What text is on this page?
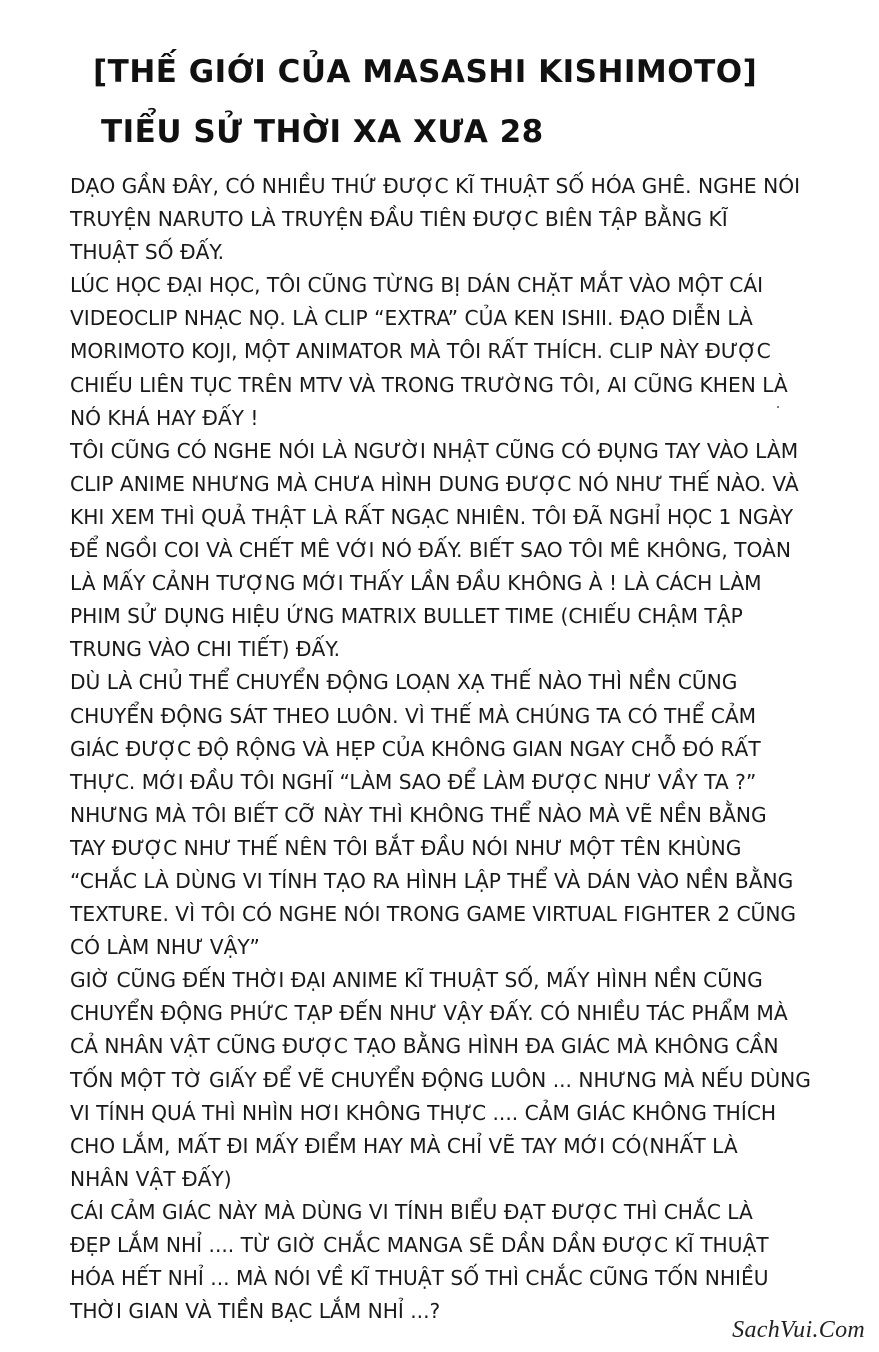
[THẾ GIỚI CỦA MASASHI KISHIMOTO]
TIỂU SỬ THỜI XA XƯA 28
DẠO GẦN ĐÂY, CÓ NHIỀU THỨ ĐƯỢC KĨ THUẬT SỐ HÓA GHÊ. NGHE NÓI
TRUYỆN NARUTO LÀ TRUYỆN ĐẦU TIÊN ĐƯỢC BIÊN TẬP BẰNG KĨ
THUẬT SỐ ĐẤY.
LÚC HỌC ĐẠI HỌC, TÔI CŨNG TỪNG BỊ DÁN CHẶT MẮT VÀO MỘT CÁI
VIDEOCLIP NHẠC NỌ. LÀ CLIP “EXTRA” CỦA KEN ISHII. ĐẠO DIỄN LÀ
MORIMOTO KOJI, MỘT ANIMATOR MÀ TÔI RẤT THÍCH. CLIP NÀY ĐƯỢC
CHIẾU LIÊN TỤC TRÊN MTV VÀ TRONG TRƯỜNG TÔI, AI CŨNG KHEN LÀ
NÓ KHÁ HAY ĐẤY !
TÔI CŨNG CÓ NGHE NÓI LÀ NGƯỜI NHẬT CŨNG CÓ ĐỤNG TAY VÀO LÀM
CLIP ANIME NHƯNG MÀ CHƯA HÌNH DUNG ĐƯỢC NÓ NHƯ THẾ NÀO. VÀ
KHI XEM THÌ QUẢ THẬT LÀ RẤT NGẠC NHIÊN. TÔI ĐÃ NGHỈ HỌC 1 NGÀY
ĐỂ NGỒI COI VÀ CHẾT MÊ VỚI NÓ ĐẤY. BIẾT SAO TÔI MÊ KHÔNG, TOÀN
LÀ MẤY CẢNH TƯỢNG MỚI THẤY LẦN ĐẦU KHÔNG À ! LÀ CÁCH LÀM
PHIM SỬ DỤNG HIỆU ỨNG MATRIX BULLET TIME (CHIẾU CHẬM TẬP
TRUNG VÀO CHI TIẾT) ĐẤY.
DÙ LÀ CHỦ THỂ CHUYỂN ĐỘNG LOẠN XẠ THẾ NÀO THÌ NỀN CŨNG
CHUYỂN ĐỘNG SÁT THEO LUÔN. VÌ THẾ MÀ CHÚNG TA CÓ THỂ CẢM
GIÁC ĐƯỢC ĐỘ RỘNG VÀ HẸP CỦA KHÔNG GIAN NGAY CHỖ ĐÓ RẤT
THỰC. MỚI ĐẦU TÔI NGHĨ “LÀM SAO ĐỂ LÀM ĐƯỢC NHƯ VẦY TA ?”
NHƯNG MÀ TÔI BIẾT CỠ NÀY THÌ KHÔNG THỂ NÀO MÀ VẼ NỀN BẰNG
TAY ĐƯỢC NHƯ THẾ NÊN TÔI BẮT ĐẦU NÓI NHƯ MỘT TÊN KHÙNG
“CHẮC LÀ DÙNG VI TÍNH TẠO RA HÌNH LẬP THỂ VÀ DÁN VÀO NỀN BẰNG
TEXTURE. VÌ TÔI CÓ NGHE NÓI TRONG GAME VIRTUAL FIGHTER 2 CŨNG
CÓ LÀM NHƯ VẬY”
GIỜ CŨNG ĐẾN THỜI ĐẠI ANIME KĨ THUẬT SỐ, MẤY HÌNH NỀN CŨNG
CHUYỂN ĐỘNG PHỨC TẠP ĐẾN NHƯ VẬY ĐẤY. CÓ NHIỀU TÁC PHẨM MÀ
CẢ NHÂN VẬT CŨNG ĐƯỢC TẠO BẰNG HÌNH ĐA GIÁC MÀ KHÔNG CẦN
TỐN MỘT TỜ GIẤY ĐỂ VẼ CHUYỂN ĐỘNG LUÔN ... NHƯNG MÀ NẾU DÙNG
VI TÍNH QUÁ THÌ NHÌN HƠI KHÔNG THỰC .... CẢM GIÁC KHÔNG THÍCH
CHO LẮM, MẤT ĐI MẤY ĐIỂM HAY MÀ CHỈ VẼ TAY MỚI CÓ(NHẤT LÀ
NHÂN VẬT ĐẤY)
CÁI CẢM GIÁC NÀY MÀ DÙNG VI TÍNH BIỂU ĐẠT ĐƯỢC THÌ CHẮC LÀ
ĐẸP LẮM NHỈ .... TỪ GIỜ CHẮC MANGA SẼ DẦN DẦN ĐƯỢC KĨ THUẬT
HÓA HẾT NHỈ ... MÀ NÓI VỀ KĨ THUẬT SỐ THÌ CHẮC CŨNG TỐN NHIỀU
THỜI GIAN VÀ TIỀN BẠC LẮM NHỈ ...?
SachVui.Com
